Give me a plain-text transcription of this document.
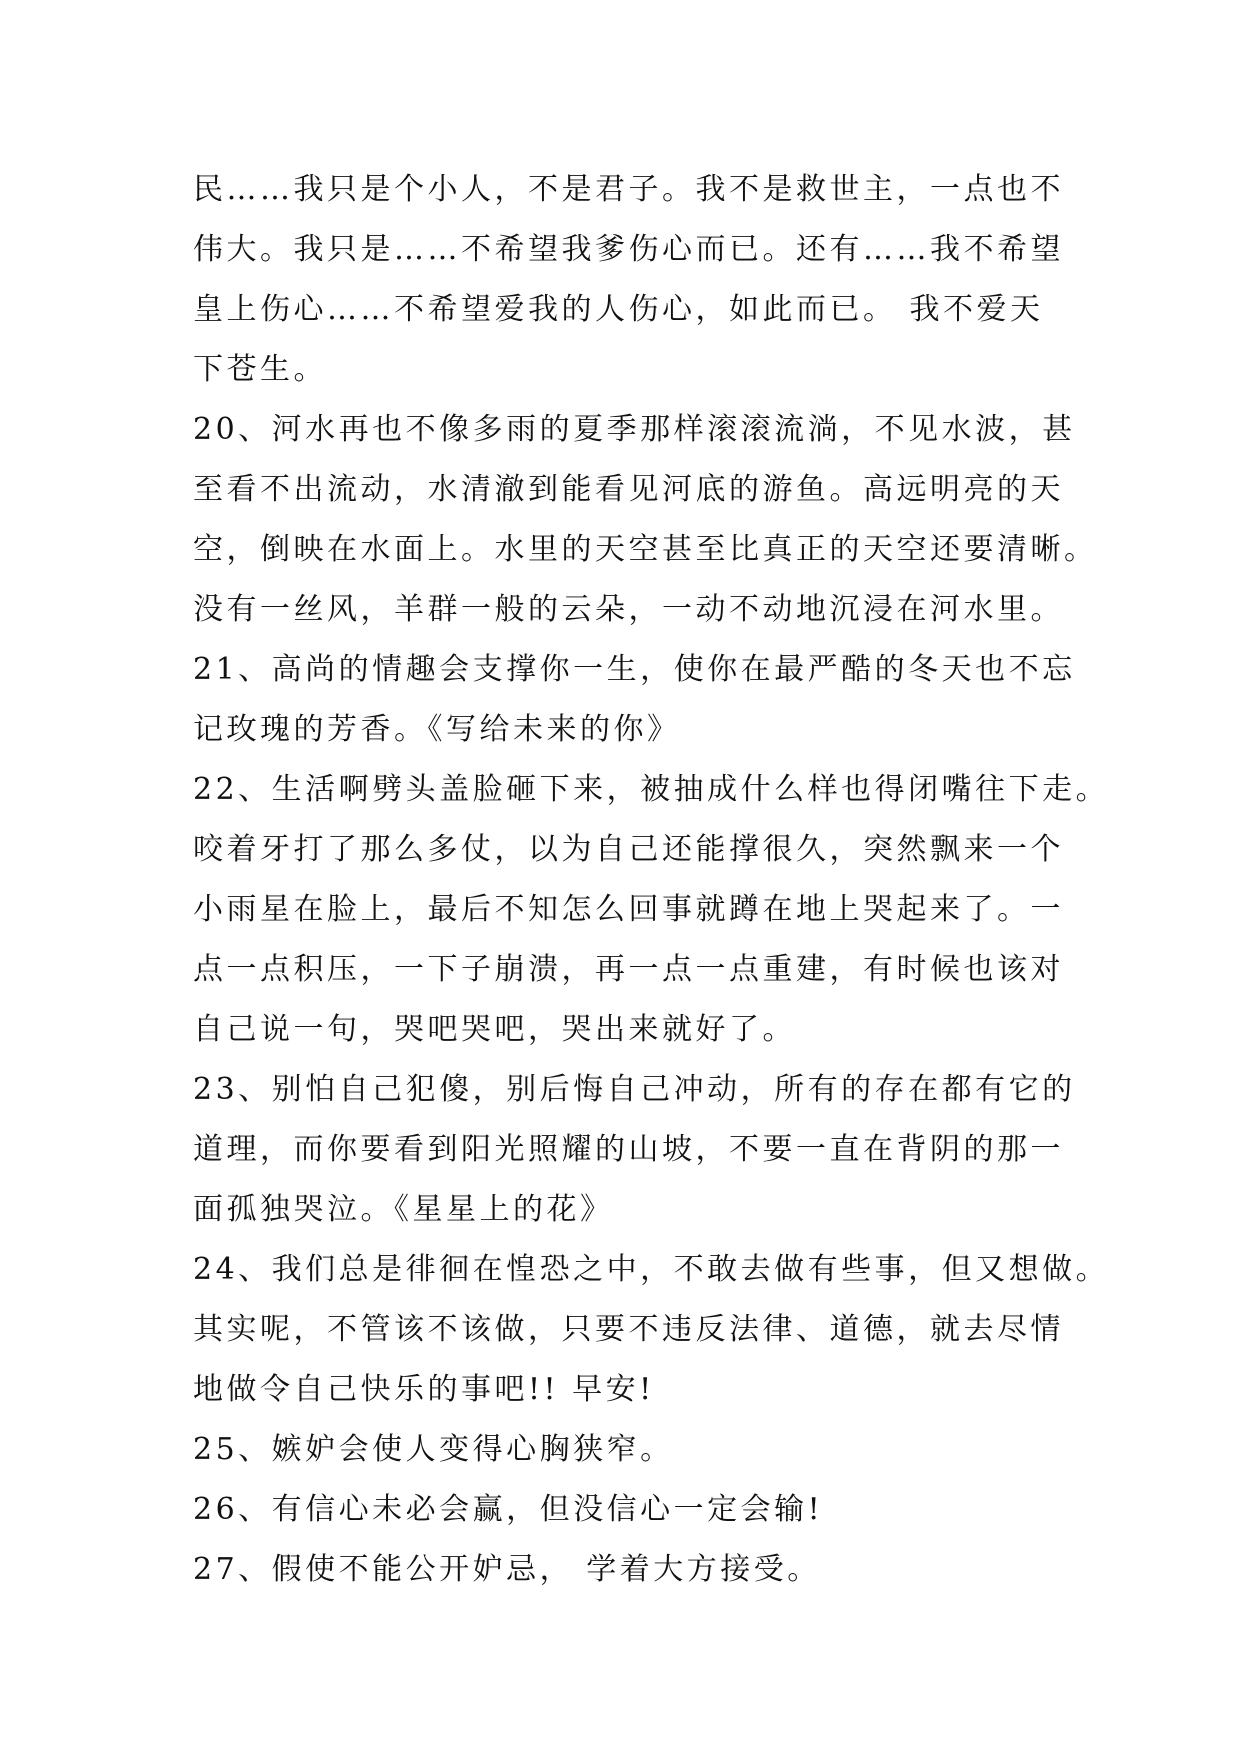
民……我只是个小人，不是君子。我不是救世主，一点也不
伟大。我只是……不希望我爹伤心而已。还有……我不希望
皇上伤心……不希望爱我的人伤心，如此而已。 我不爱天
下苍生。
20、河水再也不像多雨的夏季那样滚滚流淌，不见水波，甚
至看不出流动，水清澈到能看见河底的游鱼。高远明亮的天
空，倒映在水面上。水里的天空甚至比真正的天空还要清晰。
没有一丝风，羊群一般的云朵，一动不动地沉浸在河水里。
21、高尚的情趣会支撑你一生，使你在最严酷的冬天也不忘
记玫瑰的芳香。《写给未来的你》
22、生活啊劈头盖脸砸下来，被抽成什么样也得闭嘴往下走。
咬着牙打了那么多仗，以为自己还能撑很久，突然飘来一个
小雨星在脸上，最后不知怎么回事就蹲在地上哭起来了。一
点一点积压，一下子崩溃，再一点一点重建，有时候也该对
自己说一句，哭吧哭吧，哭出来就好了。
23、别怕自己犯傻，别后悔自己冲动，所有的存在都有它的
道理，而你要看到阳光照耀的山坡，不要一直在背阴的那一
面孤独哭泣。《星星上的花》
24、我们总是徘徊在惶恐之中，不敢去做有些事，但又想做。
其实呢，不管该不该做，只要不违反法律、道德，就去尽情
地做令自己快乐的事吧!! 早安!
25、嫉妒会使人变得心胸狭窄。
26、有信心未必会赢，但没信心一定会输!
27、假使不能公开妒忌， 学着大方接受。
